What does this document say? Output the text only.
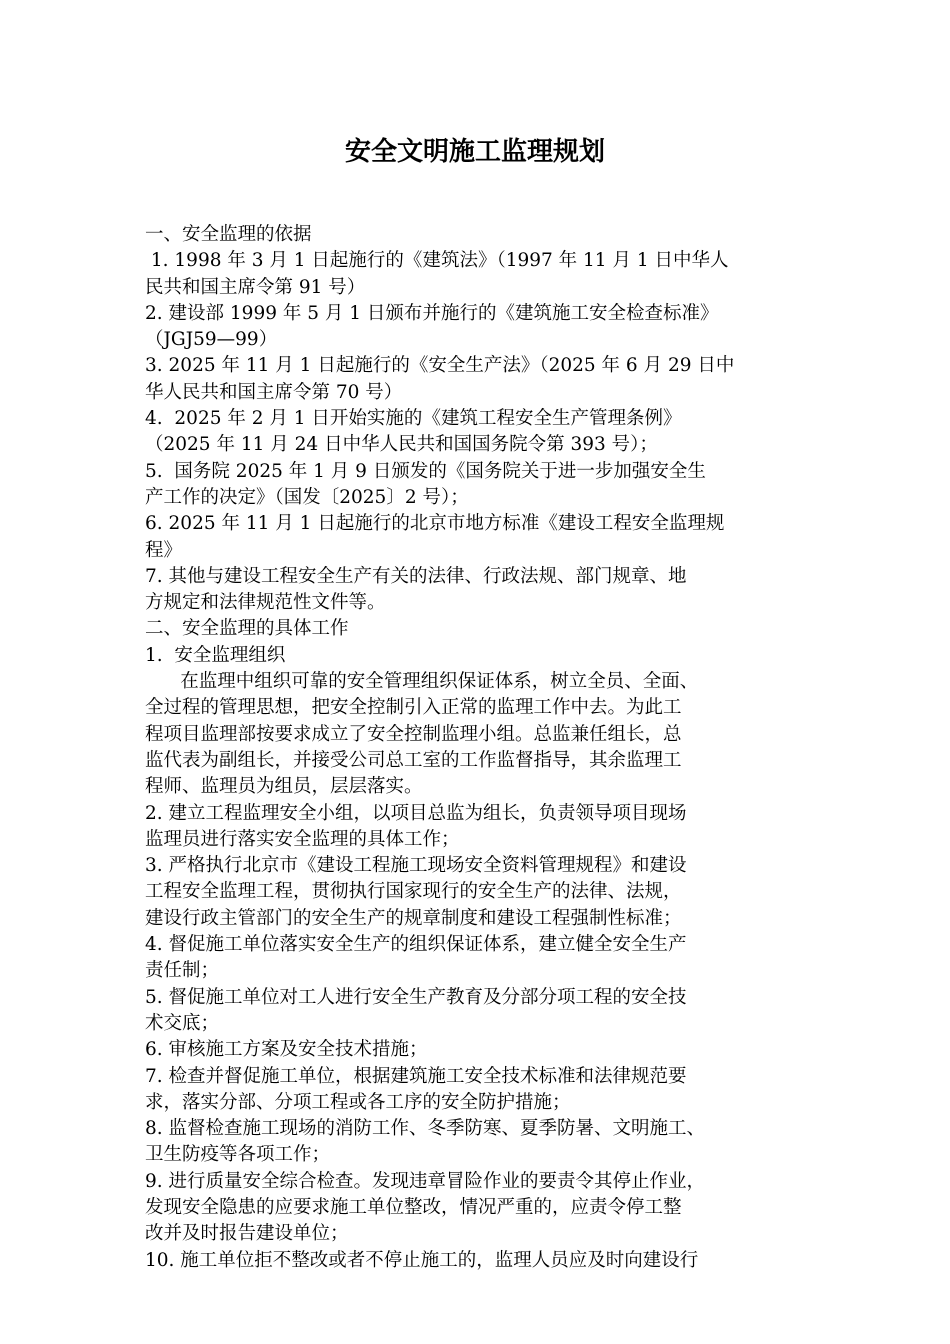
安全文明施工监理规划
一、安全监理的依据
1. 1998 年 3 月 1 日起施行的《建筑法》（1997 年 11 月 1 日中华人
民共和国主席令第 91 号）
2. 建设部 1999 年 5 月 1 日颁布并施行的《建筑施工安全检查标准》
（JGJ59—99）
3. 2025 年 11 月 1 日起施行的《安全生产法》（2025 年 6 月 29 日中
华人民共和国主席令第 70 号）
4.  2025 年 2 月 1 日开始实施的《建筑工程安全生产管理条例》
（2025 年 11 月 24 日中华人民共和国国务院令第 393 号）；
5.  国务院 2025 年 1 月 9 日颁发的《国务院关于进一步加强安全生
产工作的决定》（国发〔2025〕2 号）；
6. 2025 年 11 月 1 日起施行的北京市地方标准《建设工程安全监理规
程》
7. 其他与建设工程安全生产有关的法律、行政法规、部门规章、地
方规定和法律规范性文件等。
二、安全监理的具体工作
1.  安全监理组织
在监理中组织可靠的安全管理组织保证体系，树立全员、全面、
全过程的管理思想，把安全控制引入正常的监理工作中去。为此工
程项目监理部按要求成立了安全控制监理小组。总监兼任组长，总
监代表为副组长，并接受公司总工室的工作监督指导，其余监理工
程师、监理员为组员，层层落实。
2. 建立工程监理安全小组，以项目总监为组长，负责领导项目现场
监理员进行落实安全监理的具体工作；
3. 严格执行北京市《建设工程施工现场安全资料管理规程》和建设
工程安全监理工程，贯彻执行国家现行的安全生产的法律、法规，
建设行政主管部门的安全生产的规章制度和建设工程强制性标准；
4. 督促施工单位落实安全生产的组织保证体系，建立健全安全生产
责任制；
5. 督促施工单位对工人进行安全生产教育及分部分项工程的安全技
术交底；
6. 审核施工方案及安全技术措施；
7. 检查并督促施工单位，根据建筑施工安全技术标准和法律规范要
求，落实分部、分项工程或各工序的安全防护措施；
8. 监督检查施工现场的消防工作、冬季防寒、夏季防暑、文明施工、
卫生防疫等各项工作；
9. 进行质量安全综合检查。发现违章冒险作业的要责令其停止作业，
发现安全隐患的应要求施工单位整改，情况严重的，应责令停工整
改并及时报告建设单位；
10. 施工单位拒不整改或者不停止施工的，监理人员应及时向建设行
